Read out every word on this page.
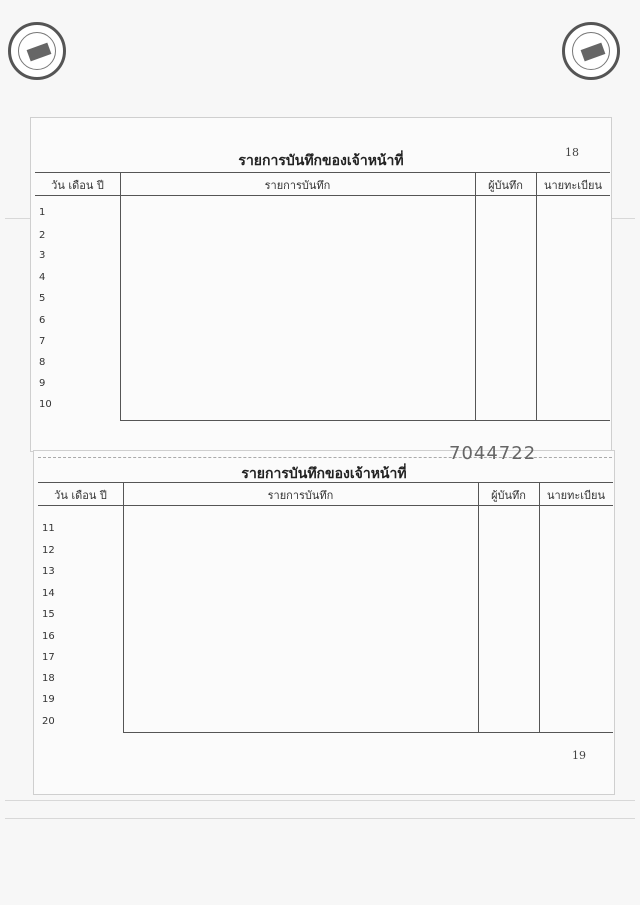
รายการบันทึกของเจ้าหน้าที่
18
วัน เดือน ปี	รายการบันทึก	ผู้บันทึก	นายทะเบียน
1
2
3
4
5
6
7
8
9
10
7044722
รายการบันทึกของเจ้าหน้าที่
19
วัน เดือน ปี	รายการบันทึก	ผู้บันทึก	นายทะเบียน
11
12
13
14
15
16
17
18
19
20
